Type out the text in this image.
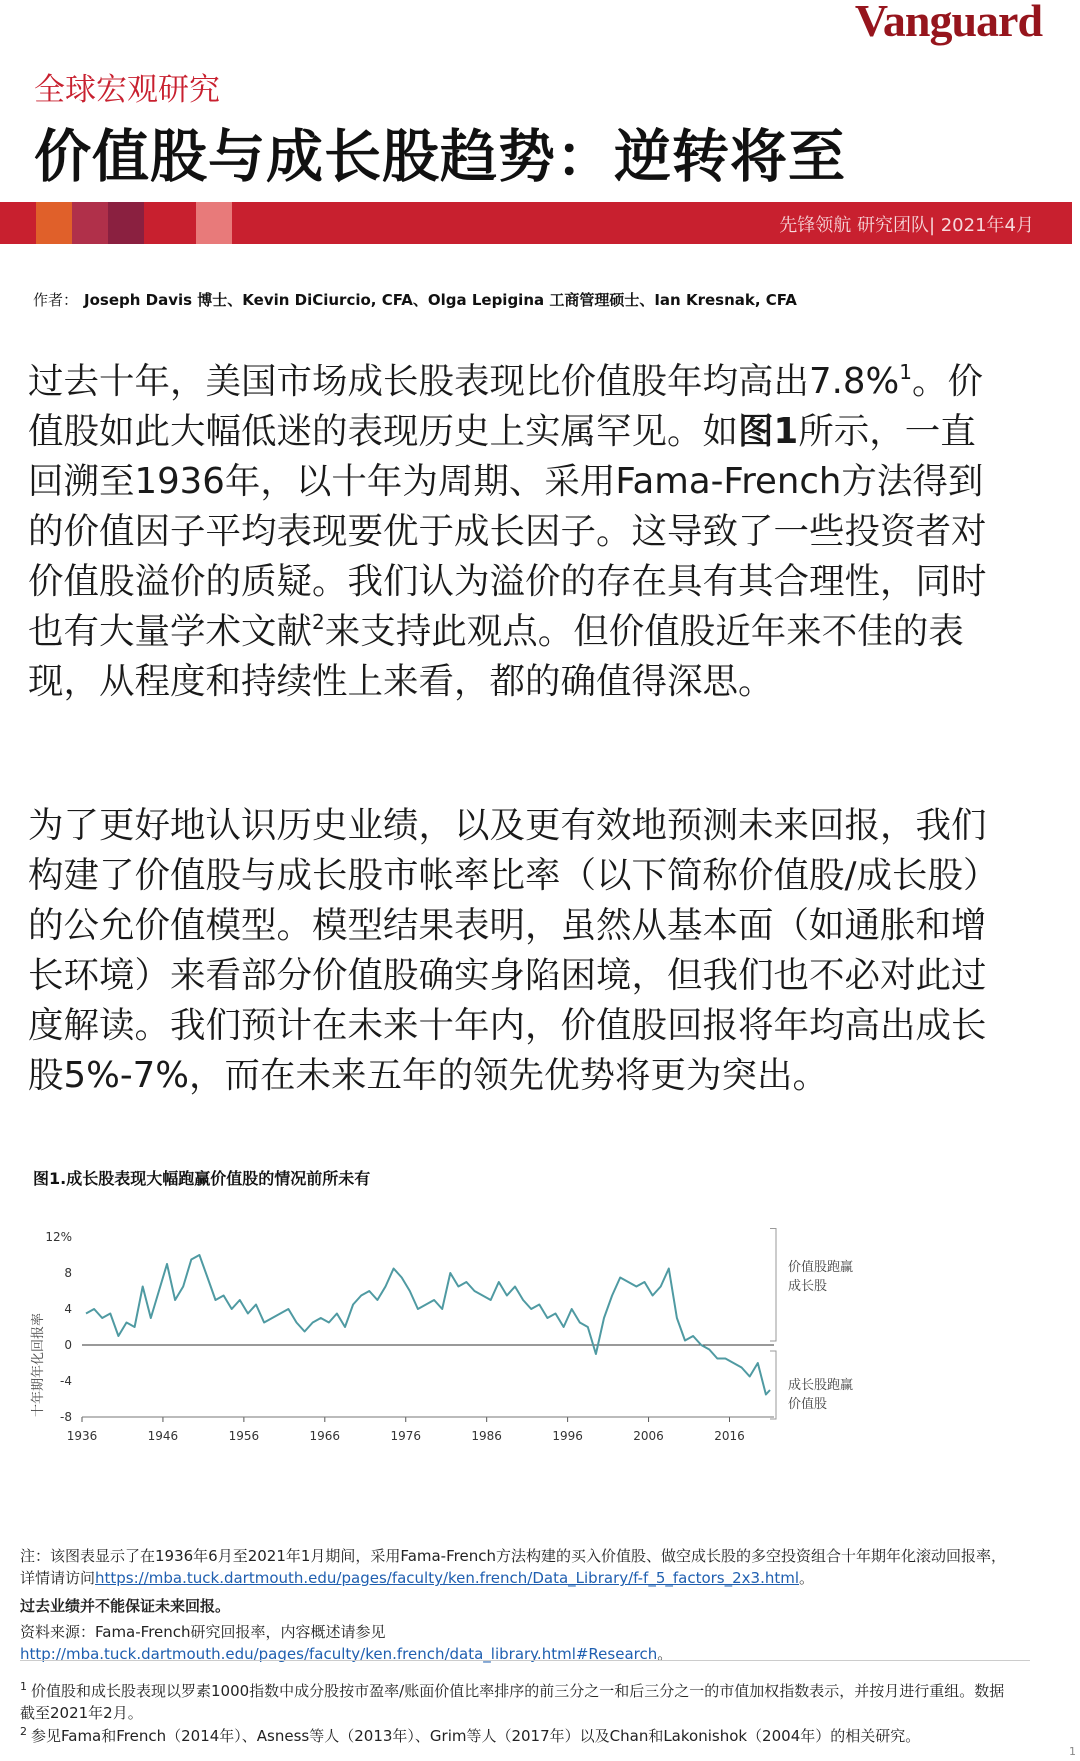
Vanguard
全球宏观研究
价值股与成长股趋势：逆转将至
先锋领航 研究团队| 2021年4月
作者： Joseph Davis 博士、Kevin DiCiurcio, CFA、Olga Lepigina 工商管理硕士、Ian Kresnak, CFA
过去十年，美国市场成长股表现比价值股年均高出7.8%$^1$。价值股如此大幅低迷的表现历史上实属罕见。如图1所示，一直回溯至1936年，以十年为周期、采用Fama-French方法得到的价值因子平均表现要优于成长因子。这导致了一些投资者对价值股溢价的质疑。我们认为溢价的存在具有其合理性，同时也有大量学术文献$^2$来支持此观点。但价值股近年来不佳的表现，从程度和持续性上来看，都的确值得深思。
为了更好地认识历史业绩，以及更有效地预测未来回报，我们构建了价值股与成长股市帐率比率（以下简称价值股/成长股）的公允价值模型。模型结果表明，虽然从基本面（如通胀和增长环境）来看部分价值股确实身陷困境，但我们也不必对此过度解读。我们预计在未来十年内，价值股回报将年均高出成长股5%-7%，而在未来五年的领先优势将更为突出。
图1.成长股表现大幅跑赢价值股的情况前所未有
12%
8
4
0
-4
-8
1936	1946	1956	1966	1976	1986	1996	2006	2016
十年期年化回报率
价值股跑赢
成长股
成长股跑赢
价值股
注：该图表显示了在1936年6月至2021年1月期间，采用Fama-French方法构建的买入价值股、做空成长股的多空投资组合十年期年化滚动回报率，详情请访问https://mba.tuck.dartmouth.edu/pages/faculty/ken.french/Data_Library/f-f_5_factors_2x3.html。
过去业绩并不能保证未来回报。
资料来源：Fama-French研究回报率，内容概述请参见http://mba.tuck.dartmouth.edu/pages/faculty/ken.french/data_library.html#Research。
$^1$ 价值股和成长股表现以罗素1000指数中成分股按市盈率/账面价值比率排序的前三分之一和后三分之一的市值加权指数表示，并按月进行重组。数据截至2021年2月。
$^2$ 参见Fama和French（2014年）、Asness等人（2013年）、Grim等人（2017年）以及Chan和Lakonishok（2004年）的相关研究。
1
